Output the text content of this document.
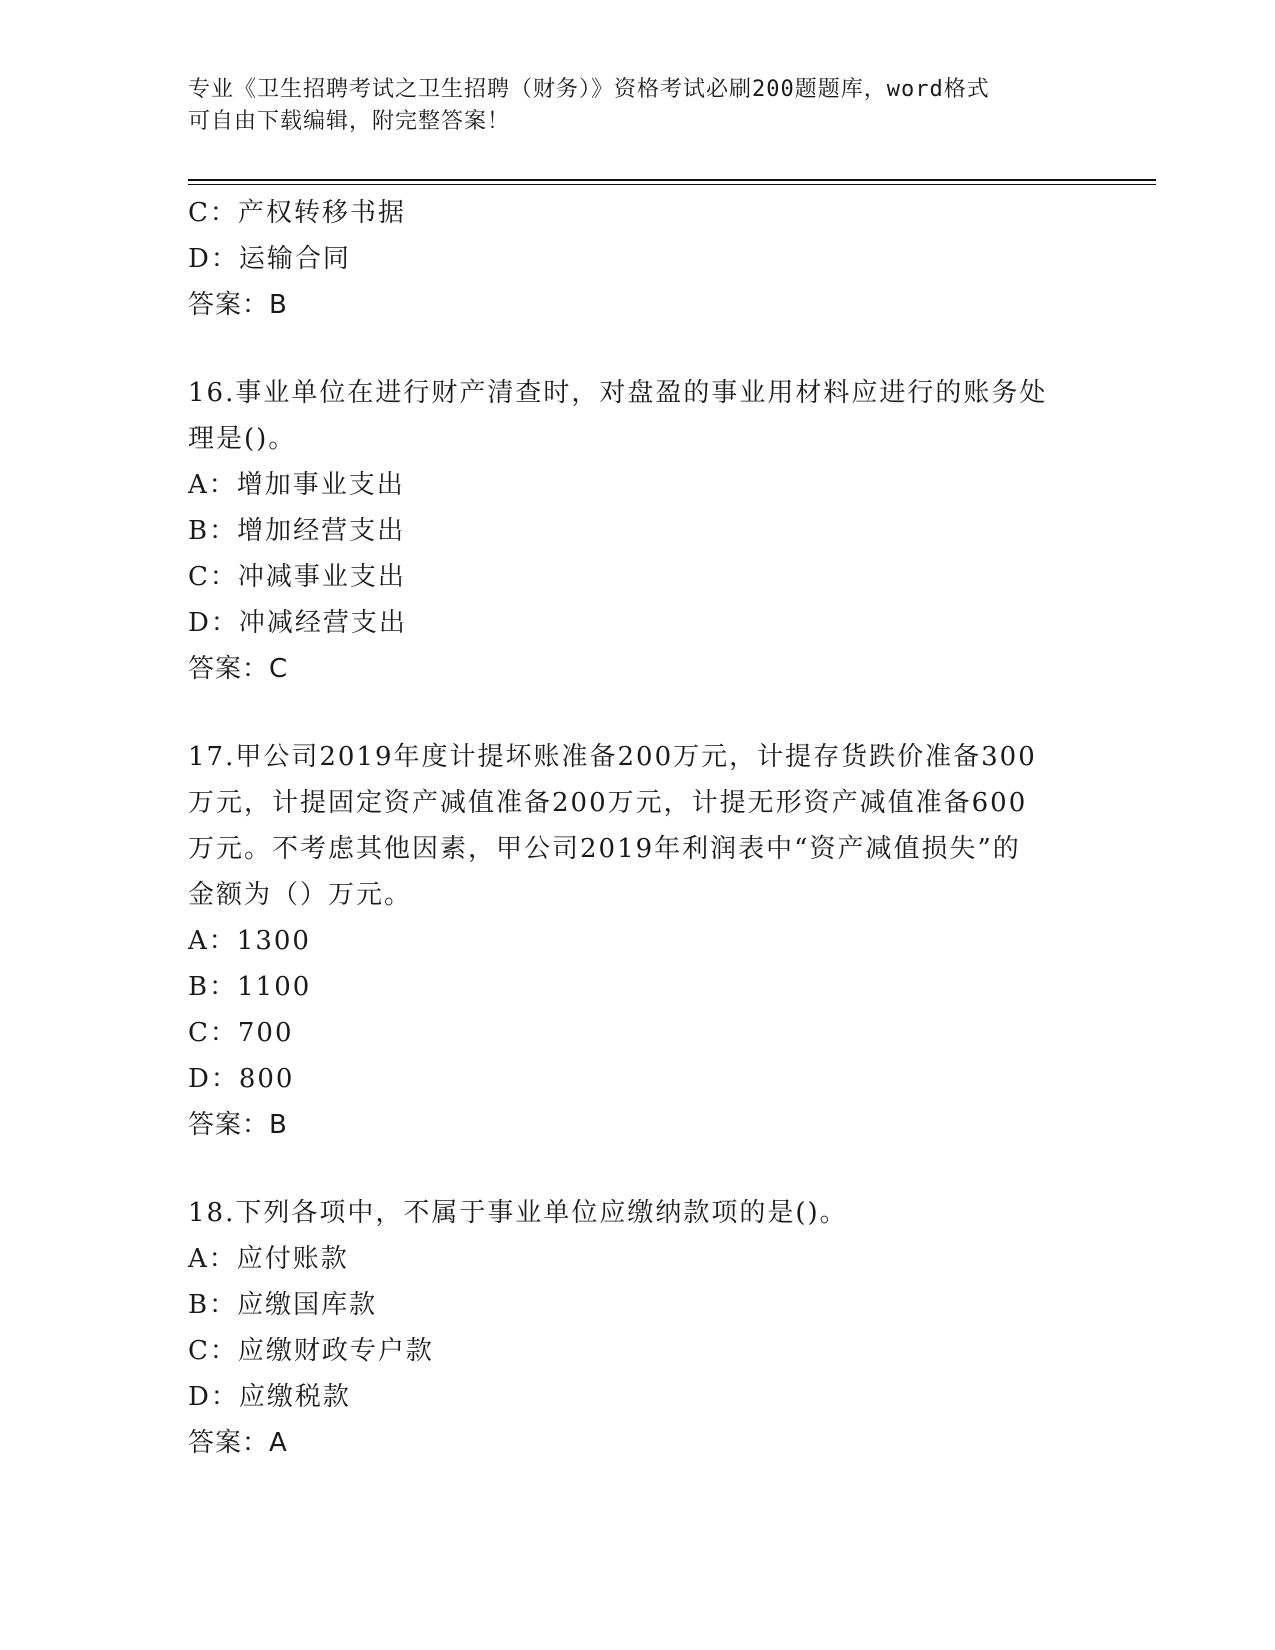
专业《卫生招聘考试之卫生招聘（财务）》资格考试必刷200题题库，word格式
可自由下载编辑，附完整答案！

C：产权转移书据

D：运输合同

答案：B

16.事业单位在进行财产清查时，对盘盈的事业用材料应进行的账务处

理是()。

A：增加事业支出

B：增加经营支出

C：冲减事业支出

D：冲减经营支出

答案：C

17.甲公司2019年度计提坏账准备200万元，计提存货跌价准备300

万元，计提固定资产减值准备200万元，计提无形资产减值准备600

万元。不考虑其他因素，甲公司2019年利润表中“资产减值损失”的

金额为（）万元。

A：1300

B：1100

C：700

D：800

答案：B

18.下列各项中，不属于事业单位应缴纳款项的是()。

A：应付账款

B：应缴国库款

C：应缴财政专户款

D：应缴税款

答案：A
